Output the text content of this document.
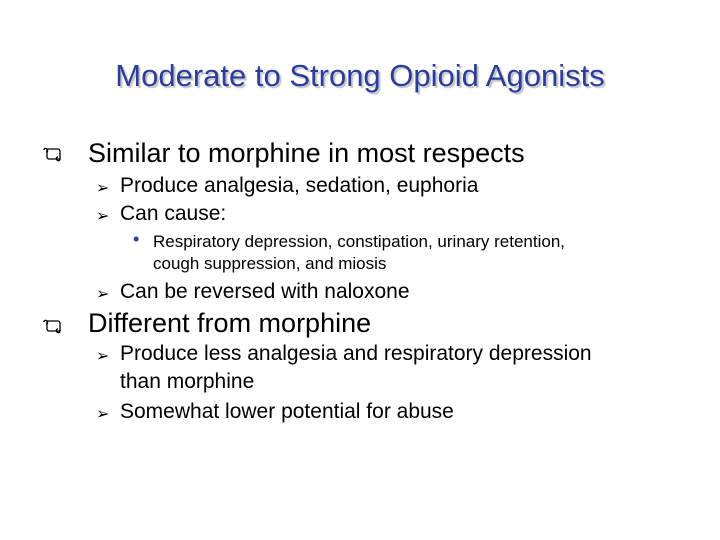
Moderate to Strong Opioid Agonists
Similar to morphine in most respects
➢ Produce analgesia, sedation, euphoria
➢ Can cause:
• Respiratory depression, constipation, urinary retention,
cough suppression, and miosis
➢ Can be reversed with naloxone
Different from morphine
➢ Produce less analgesia and respiratory depression
than morphine
➢ Somewhat lower potential for abuse
